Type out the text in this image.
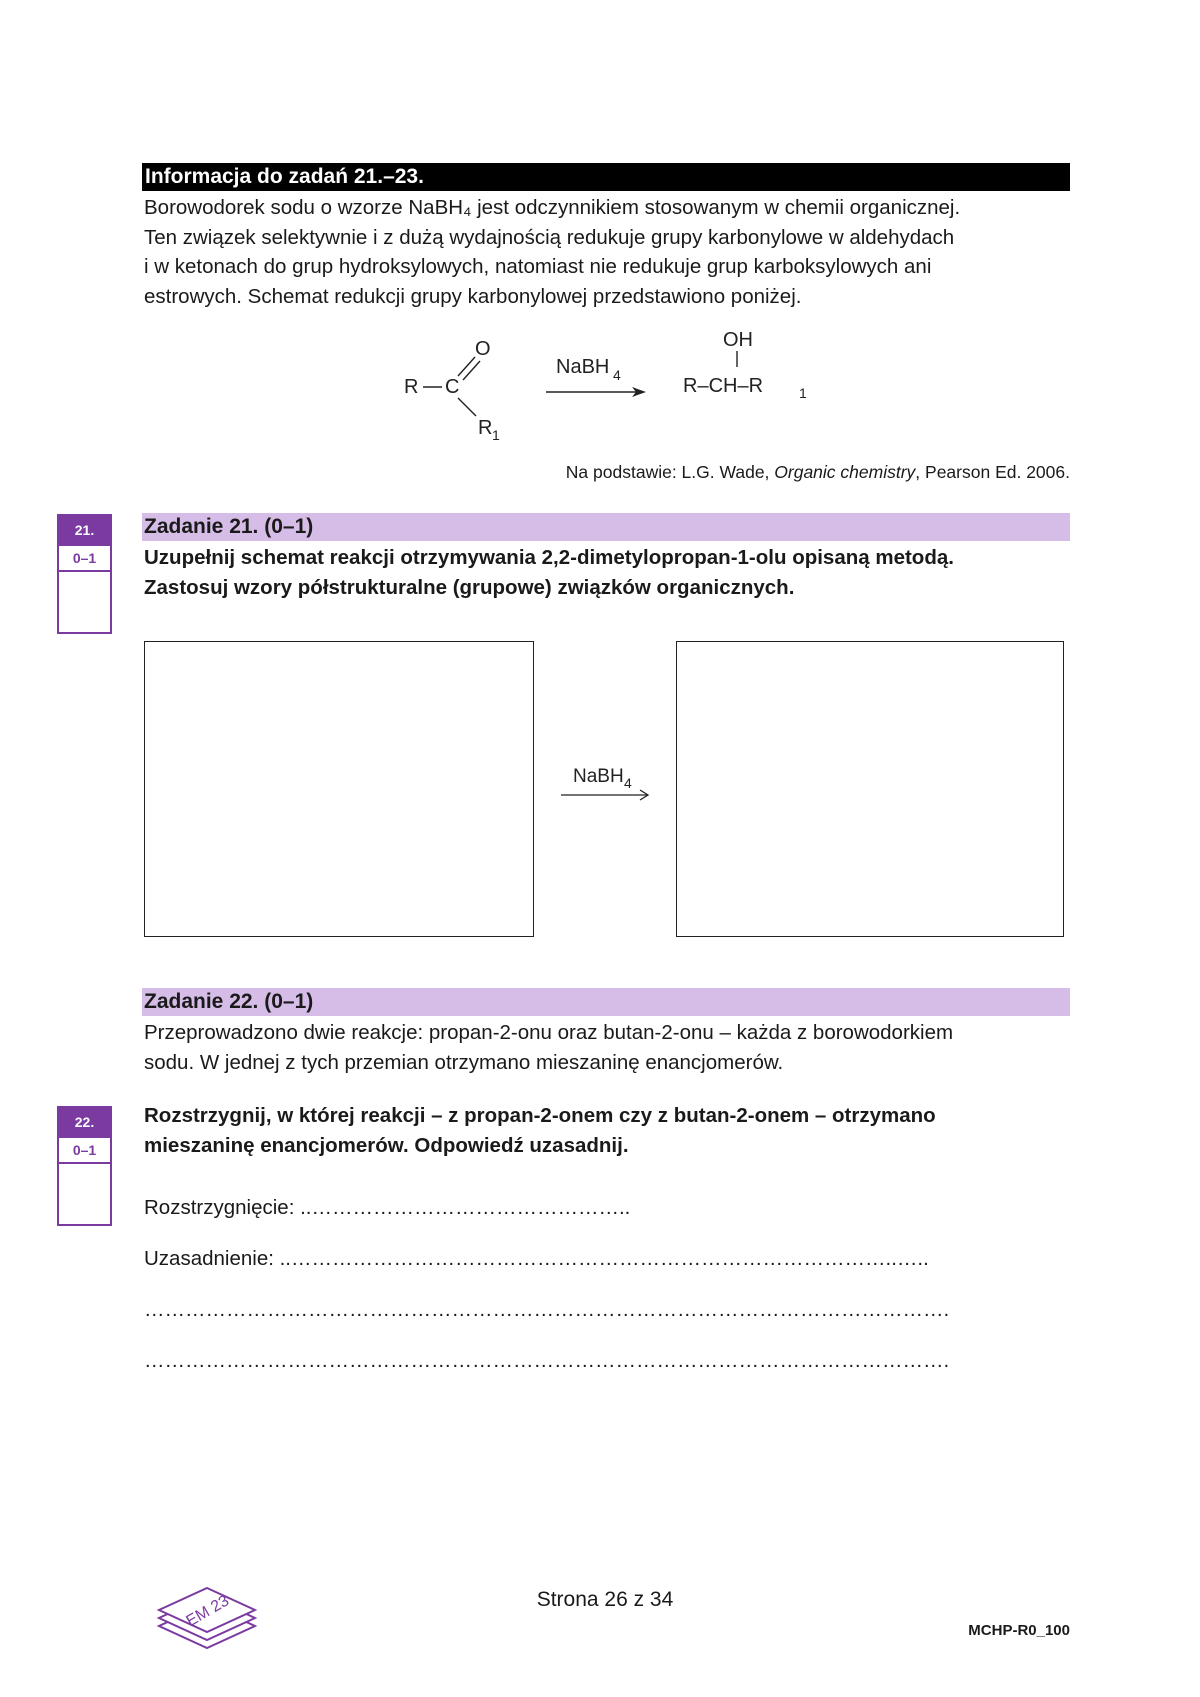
Informacja do zadań 21.–23.

Borowodorek sodu o wzorze NaBH₄ jest odczynnikiem stosowanym w chemii organicznej.

Ten związek selektywnie i z dużą wydajnością redukuje grupy karbonylowe w aldehydach

i w ketonach do grup hydroksylowych, natomiast nie redukuje grup karboksylowych ani

estrowych. Schemat redukcji grupy karbonylowej przedstawiono poniżej.

R C
O
R 1
NaBH 4
OH
R–CH–R	1
Na podstawie: L.G. Wade, Organic chemistry, Pearson Ed. 2006.
21.
0–1
Zadanie 21. (0–1)

Uzupełnij schemat reakcji otrzymywania 2,2-dimetylopropan-1-olu opisaną metodą.

Zastosuj wzory półstrukturalne (grupowe) związków organicznych.

NaBH 4
Zadanie 22. (0–1)

Przeprowadzono dwie reakcje: propan-2-onu oraz butan-2-onu – każda z borowodorkiem

sodu. W jednej z tych przemian otrzymano mieszaninę enancjomerów.

22.
0–1

Rozstrzygnij, w której reakcji – z propan-2-onem czy z butan-2-onem – otrzymano

mieszaninę enancjomerów. Odpowiedź uzasadnij.

Rozstrzygnięcie: ..………………………………………..
Uzasadnienie: ..……………………………………………………………………………..…..
……………………………………………………………………………………………………….
……………………………………………………………………………………………………….
EM 23	Strona 26 z 34
MCHP-R0_100
